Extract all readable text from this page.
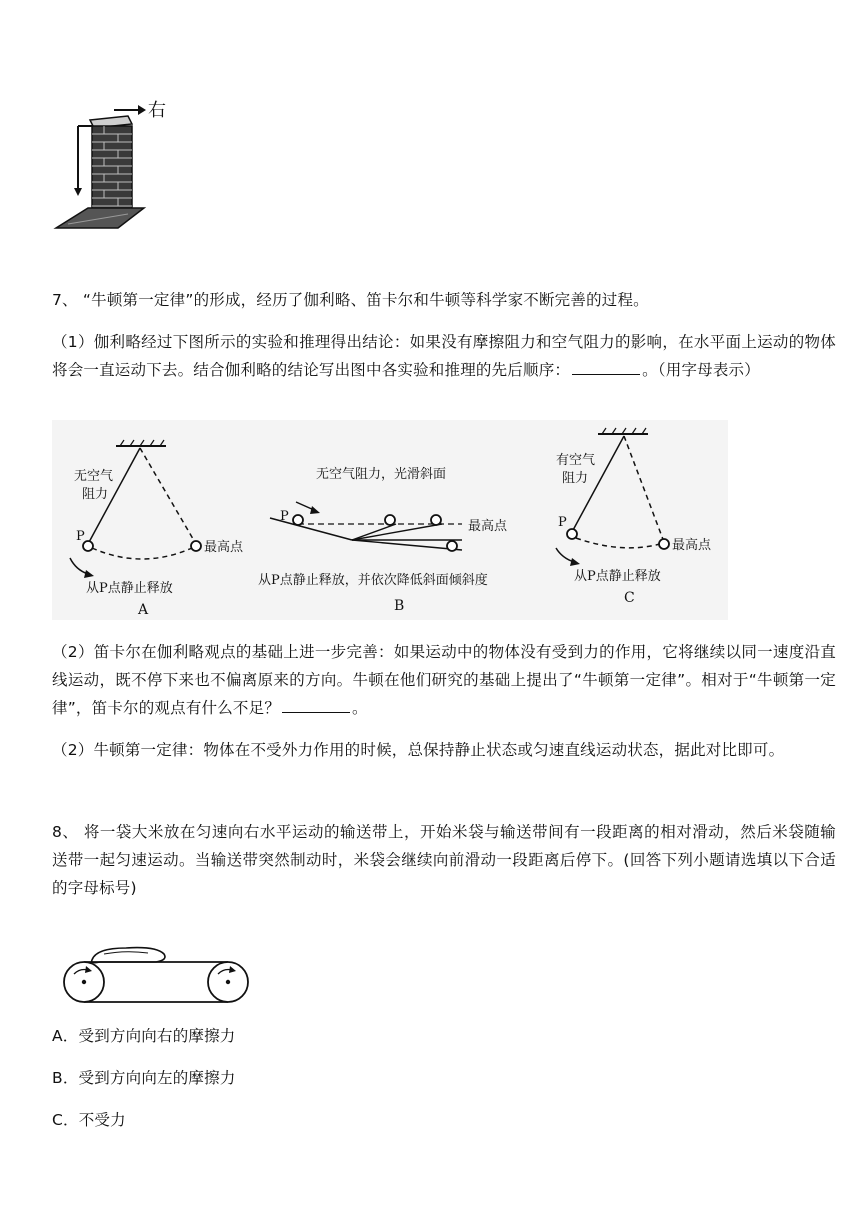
右
7、 “牛顿第一定律”的形成，经历了伽利略、笛卡尔和牛顿等科学家不断完善的过程。
（1）伽利略经过下图所示的实验和推理得出结论：如果没有摩擦阻力和空气阻力的影响，在水平面上运动的物体将会一直运动下去。结合伽利略的结论写出图中各实验和推理的先后顺序：	。（用字母表示）
无空气
阻力
P
最高点
从P点静止释放
A
无空气阻力，光滑斜面
P
最高点
从P点静止释放，并依次降低斜面倾斜度
B
有空气
阻力
P
最高点
从P点静止释放
C
（2）笛卡尔在伽利略观点的基础上进一步完善：如果运动中的物体没有受到力的作用，它将继续以同一速度沿直线运动，既不停下来也不偏离原来的方向。牛顿在他们研究的基础上提出了“牛顿第一定律”。相对于“牛顿第一定律”，笛卡尔的观点有什么不足？	。
（2）牛顿第一定律：物体在不受外力作用的时候，总保持静止状态或匀速直线运动状态，据此对比即可。
8、 将一袋大米放在匀速向右水平运动的输送带上，开始米袋与输送带间有一段距离的相对滑动，然后米袋随输送带一起匀速运动。当输送带突然制动时，米袋会继续向前滑动一段距离后停下。(回答下列小题请选填以下合适的字母标号)
A．受到方向向右的摩擦力
B．受到方向向左的摩擦力
C．不受力
